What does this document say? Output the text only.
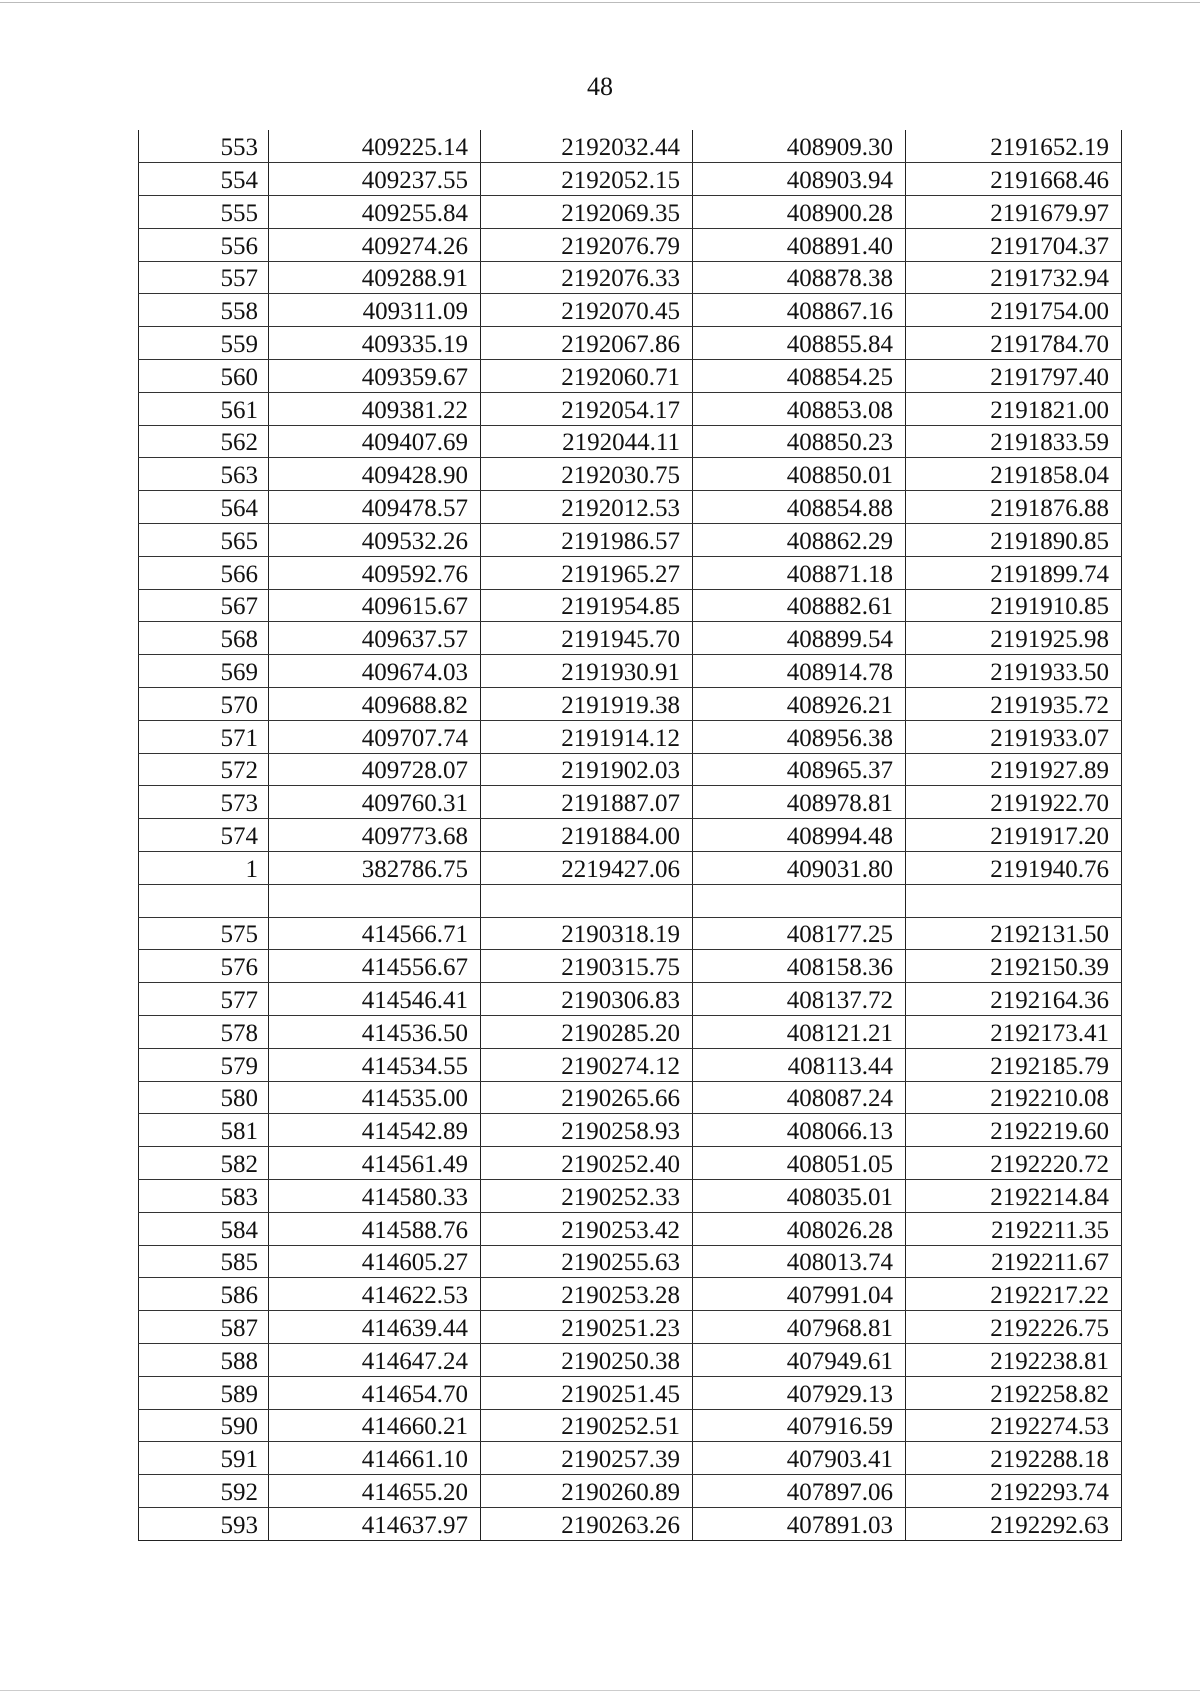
48
553	409225.14	2192032.44	408909.30	2191652.19
554	409237.55	2192052.15	408903.94	2191668.46
555	409255.84	2192069.35	408900.28	2191679.97
556	409274.26	2192076.79	408891.40	2191704.37
557	409288.91	2192076.33	408878.38	2191732.94
558	409311.09	2192070.45	408867.16	2191754.00
559	409335.19	2192067.86	408855.84	2191784.70
560	409359.67	2192060.71	408854.25	2191797.40
561	409381.22	2192054.17	408853.08	2191821.00
562	409407.69	2192044.11	408850.23	2191833.59
563	409428.90	2192030.75	408850.01	2191858.04
564	409478.57	2192012.53	408854.88	2191876.88
565	409532.26	2191986.57	408862.29	2191890.85
566	409592.76	2191965.27	408871.18	2191899.74
567	409615.67	2191954.85	408882.61	2191910.85
568	409637.57	2191945.70	408899.54	2191925.98
569	409674.03	2191930.91	408914.78	2191933.50
570	409688.82	2191919.38	408926.21	2191935.72
571	409707.74	2191914.12	408956.38	2191933.07
572	409728.07	2191902.03	408965.37	2191927.89
573	409760.31	2191887.07	408978.81	2191922.70
574	409773.68	2191884.00	408994.48	2191917.20
1	382786.75	2219427.06	409031.80	2191940.76

575	414566.71	2190318.19	408177.25	2192131.50
576	414556.67	2190315.75	408158.36	2192150.39
577	414546.41	2190306.83	408137.72	2192164.36
578	414536.50	2190285.20	408121.21	2192173.41
579	414534.55	2190274.12	408113.44	2192185.79
580	414535.00	2190265.66	408087.24	2192210.08
581	414542.89	2190258.93	408066.13	2192219.60
582	414561.49	2190252.40	408051.05	2192220.72
583	414580.33	2190252.33	408035.01	2192214.84
584	414588.76	2190253.42	408026.28	2192211.35
585	414605.27	2190255.63	408013.74	2192211.67
586	414622.53	2190253.28	407991.04	2192217.22
587	414639.44	2190251.23	407968.81	2192226.75
588	414647.24	2190250.38	407949.61	2192238.81
589	414654.70	2190251.45	407929.13	2192258.82
590	414660.21	2190252.51	407916.59	2192274.53
591	414661.10	2190257.39	407903.41	2192288.18
592	414655.20	2190260.89	407897.06	2192293.74
593	414637.97	2190263.26	407891.03	2192292.63
